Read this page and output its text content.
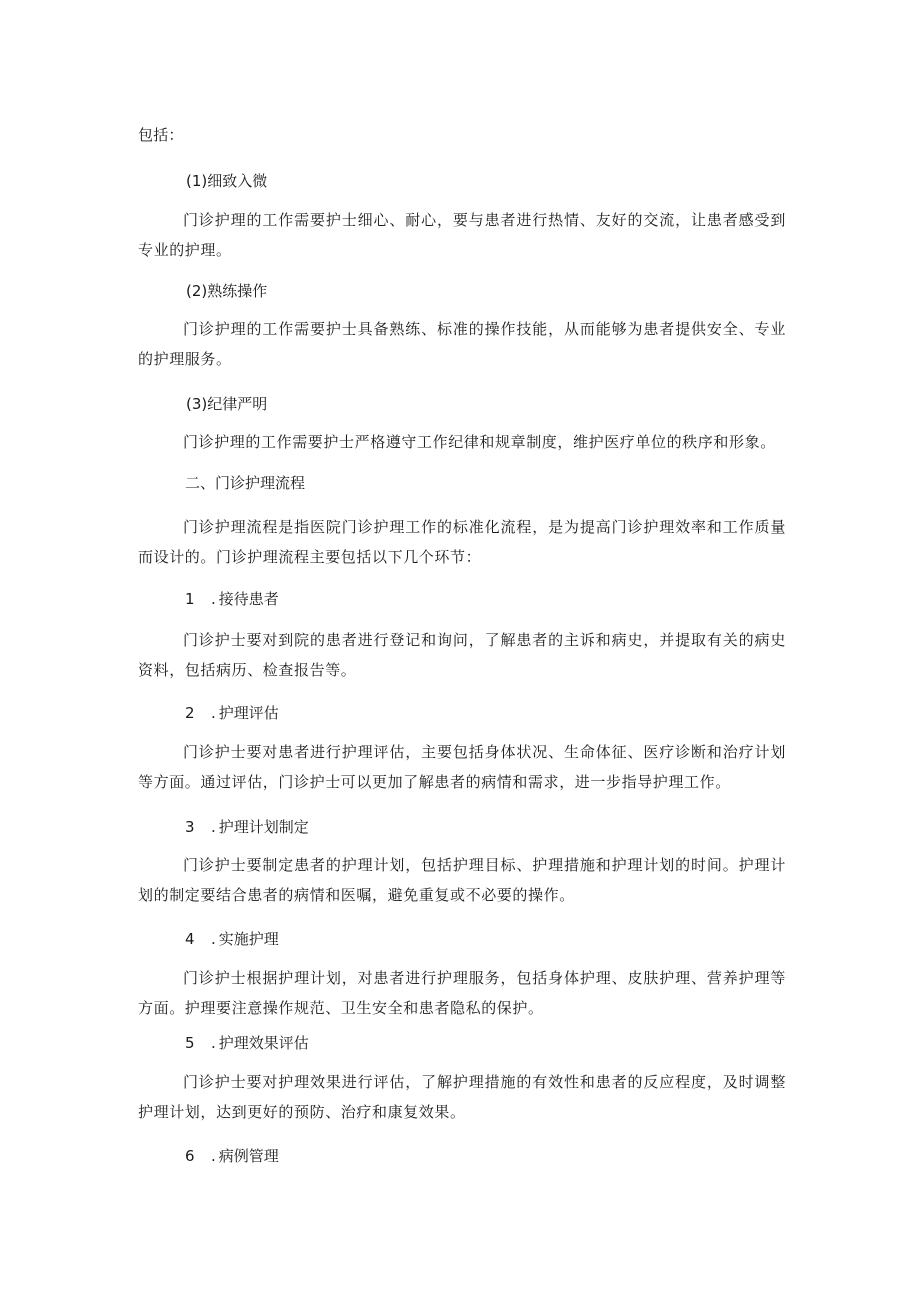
包括：
(1)细致入微
门诊护理的工作需要护士细心、耐心，要与患者进行热情、友好的交流，让患者感受到专业的护理。
(2)熟练操作
门诊护理的工作需要护士具备熟练、标准的操作技能，从而能够为患者提供安全、专业的护理服务。
(3)纪律严明
门诊护理的工作需要护士严格遵守工作纪律和规章制度，维护医疗单位的秩序和形象。
二、门诊护理流程
门诊护理流程是指医院门诊护理工作的标准化流程，是为提高门诊护理效率和工作质量而设计的。门诊护理流程主要包括以下几个环节：
1 . 接待患者
门诊护士要对到院的患者进行登记和询问，了解患者的主诉和病史，并提取有关的病史资料，包括病历、检查报告等。
2 . 护理评估
门诊护士要对患者进行护理评估，主要包括身体状况、生命体征、医疗诊断和治疗计划等方面。通过评估，门诊护士可以更加了解患者的病情和需求，进一步指导护理工作。
3 . 护理计划制定
门诊护士要制定患者的护理计划，包括护理目标、护理措施和护理计划的时间。护理计划的制定要结合患者的病情和医嘱，避免重复或不必要的操作。
4 . 实施护理
门诊护士根据护理计划，对患者进行护理服务，包括身体护理、皮肤护理、营养护理等方面。护理要注意操作规范、卫生安全和患者隐私的保护。
5 . 护理效果评估
门诊护士要对护理效果进行评估，了解护理措施的有效性和患者的反应程度，及时调整护理计划，达到更好的预防、治疗和康复效果。
6 . 病例管理
